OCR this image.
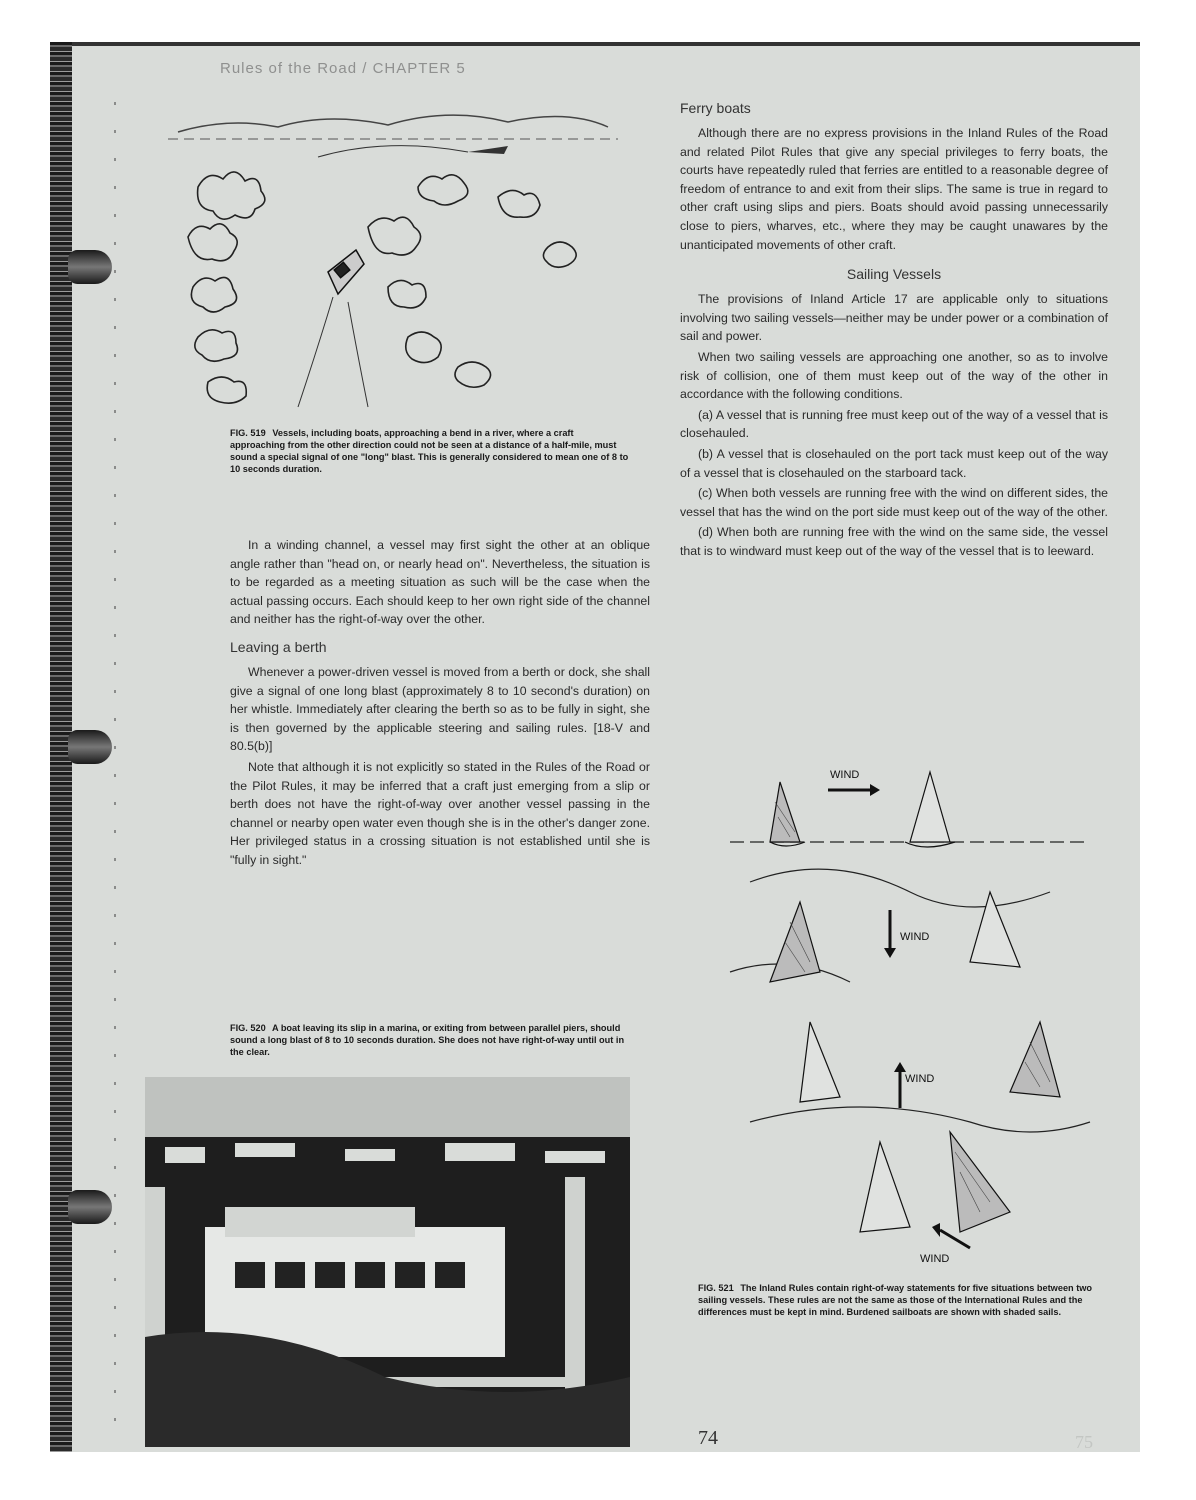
Rules of the Road / CHAPTER 5
FIG. 519 Vessels, including boats, approaching a bend in a river, where a craft approaching from the other direction could not be seen at a distance of a half-mile, must sound a special signal of one "long" blast. This is generally considered to mean one of 8 to 10 seconds duration.

In a winding channel, a vessel may first sight the other at an oblique angle rather than "head on, or nearly head on". Nevertheless, the situation is to be regarded as a meeting situation as such will be the case when the actual passing occurs. Each should keep to her own right side of the channel and neither has the right-of-way over the other.

Leaving a berth

Whenever a power-driven vessel is moved from a berth or dock, she shall give a signal of one long blast (approximately 8 to 10 second's duration) on her whistle. Immediately after clearing the berth so as to be fully in sight, she is then governed by the applicable steering and sailing rules. [18-V and 80.5(b)]

Note that although it is not explicitly so stated in the Rules of the Road or the Pilot Rules, it may be inferred that a craft just emerging from a slip or berth does not have the right-of-way over another vessel passing in the channel or nearby open water even though she is in the other's danger zone. Her privileged status in a crossing situation is not established until she is "fully in sight."

FIG. 520 A boat leaving its slip in a marina, or exiting from between parallel piers, should sound a long blast of 8 to 10 seconds duration. She does not have right-of-way until out in the clear.
Ferry boats

Although there are no express provisions in the Inland Rules of the Road and related Pilot Rules that give any special privileges to ferry boats, the courts have repeatedly ruled that ferries are entitled to a reasonable degree of freedom of entrance to and exit from their slips. The same is true in regard to other craft using slips and piers. Boats should avoid passing unnecessarily close to piers, wharves, etc., where they may be caught unawares by the unanticipated movements of other craft.

Sailing Vessels

The provisions of Inland Article 17 are applicable only to situations involving two sailing vessels—neither may be under power or a combination of sail and power.

When two sailing vessels are approaching one another, so as to involve risk of collision, one of them must keep out of the way of the other in accordance with the following conditions.

(a) A vessel that is running free must keep out of the way of a vessel that is closehauled.

(b) A vessel that is closehauled on the port tack must keep out of the way of a vessel that is closehauled on the starboard tack.

(c) When both vessels are running free with the wind on different sides, the vessel that has the wind on the port side must keep out of the way of the other.

(d) When both are running free with the wind on the same side, the vessel that is to windward must keep out of the way of the vessel that is to leeward.

WIND
WIND
WIND
WIND
FIG. 521 The Inland Rules contain right-of-way statements for five situations between two sailing vessels. These rules are not the same as those of the International Rules and the differences must be kept in mind. Burdened sailboats are shown with shaded sails.
74	75
